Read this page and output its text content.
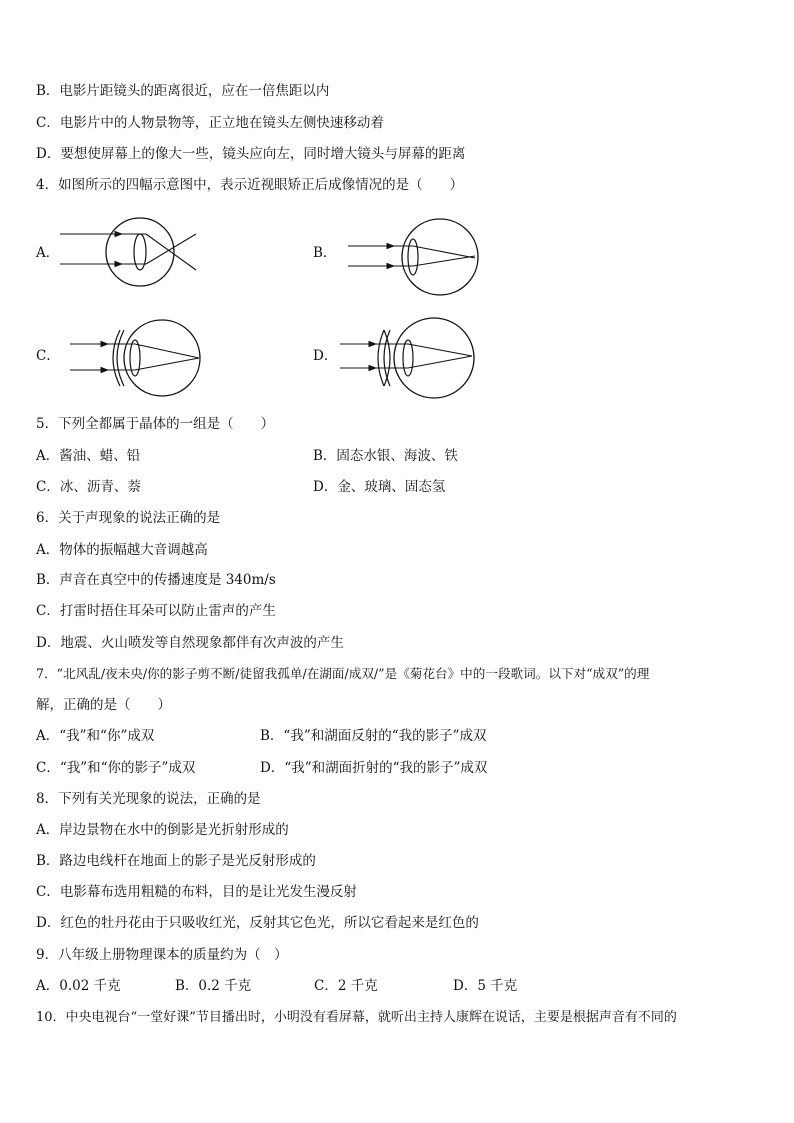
B．电影片距镜头的距离很近，应在一倍焦距以内
C．电影片中的人物景物等，正立地在镜头左侧快速移动着
D．要想使屏幕上的像大一些，镜头应向左，同时增大镜头与屏幕的距离
4．如图所示的四幅示意图中，表示近视眼矫正后成像情况的是（　　）
A．	B．
C．	D．
5．下列全都属于晶体的一组是（　　）
A．酱油、蜡、铅	B．固态水银、海波、铁
C．冰、沥青、萘	D．金、玻璃、固态氢
6．关于声现象的说法正确的是
A．物体的振幅越大音调越高
B．声音在真空中的传播速度是 340m/s
C．打雷时捂住耳朵可以防止雷声的产生
D．地震、火山喷发等自然现象都伴有次声波的产生
7．“北风乱/夜未央/你的影子剪不断/徒留我孤单/在湖面/成双/”是《菊花台》中的一段歌词。以下对“成双”的理
解，正确的是（　　）
A．“我”和“你”成双	B．“我”和湖面反射的“我的影子”成双
C．“我”和“你的影子”成双	D．“我”和湖面折射的“我的影子”成双
8．下列有关光现象的说法，正确的是
A．岸边景物在水中的倒影是光折射形成的
B．路边电线杆在地面上的影子是光反射形成的
C．电影幕布选用粗糙的布料，目的是让光发生漫反射
D．红色的牡丹花由于只吸收红光，反射其它色光，所以它看起来是红色的
9．八年级上册物理课本的质量约为（　）
A．0.02 千克	B．0.2 千克	C．2 千克	D．5 千克
10．中央电视台“一堂好课”节目播出时，小明没有看屏幕，就听出主持人康辉在说话，主要是根据声音有不同的
